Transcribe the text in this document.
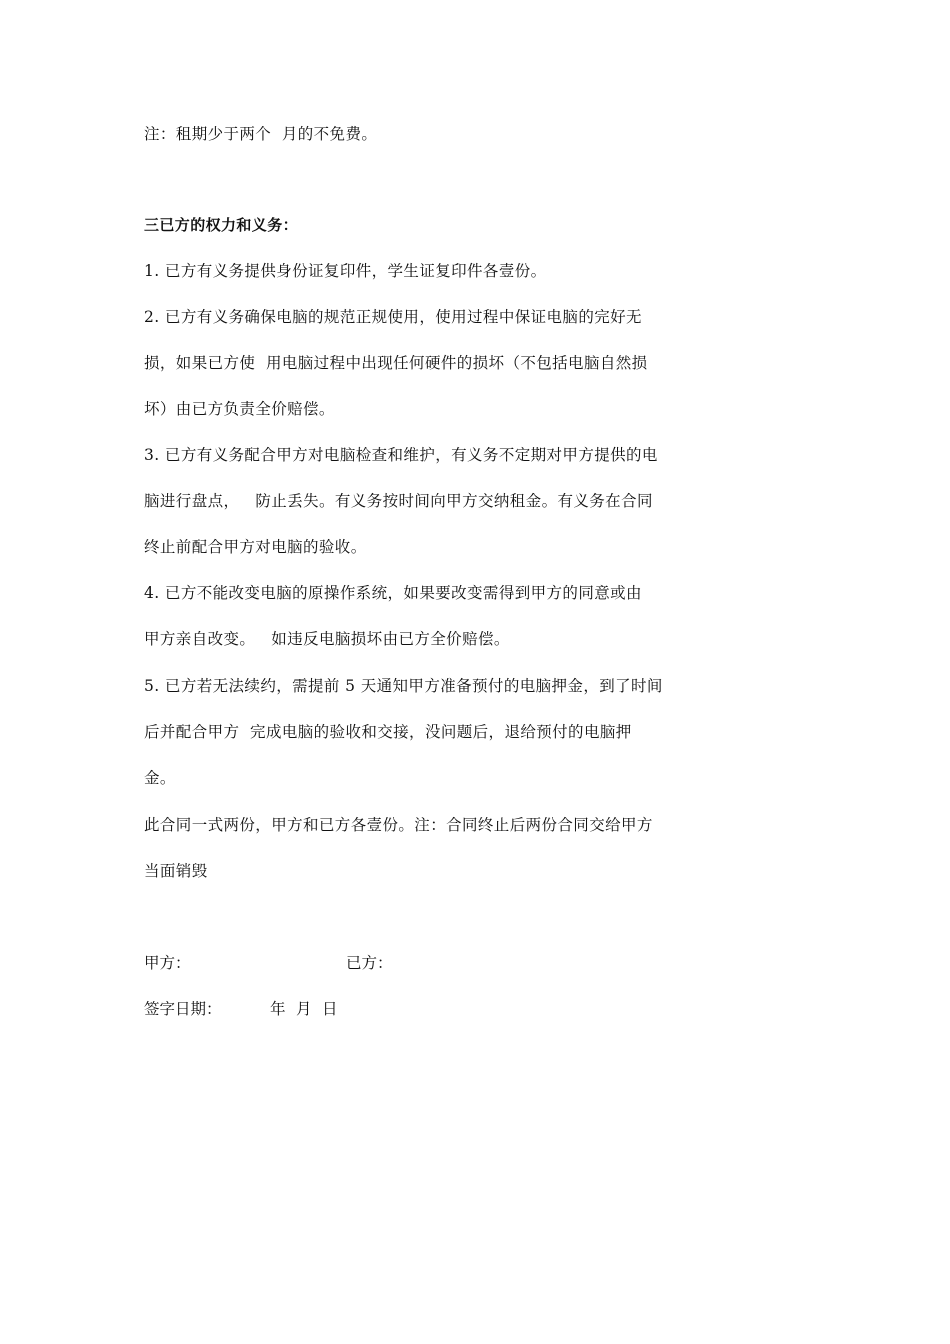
注：租期少于两个  月的不免费。
三已方的权力和义务：
1. 已方有义务提供身份证复印件，学生证复印件各壹份。
2. 已方有义务确保电脑的规范正规使用，使用过程中保证电脑的完好无
损，如果已方使  用电脑过程中出现任何硬件的损坏（不包括电脑自然损
坏）由已方负责全价赔偿。
3. 已方有义务配合甲方对电脑检查和维护，有义务不定期对甲方提供的电
脑进行盘点，   防止丢失。有义务按时间向甲方交纳租金。有义务在合同
终止前配合甲方对电脑的验收。
4. 已方不能改变电脑的原操作系统，如果要改变需得到甲方的同意或由
甲方亲自改变。   如违反电脑损坏由已方全价赔偿。
5. 已方若无法续约，需提前 5 天通知甲方准备预付的电脑押金，到了时间
后并配合甲方  完成电脑的验收和交接，没问题后，退给预付的电脑押
金。
此合同一式两份，甲方和已方各壹份。注：合同终止后两份合同交给甲方
当面销毁
甲方：	已方：
签字日期：	年 月 日
